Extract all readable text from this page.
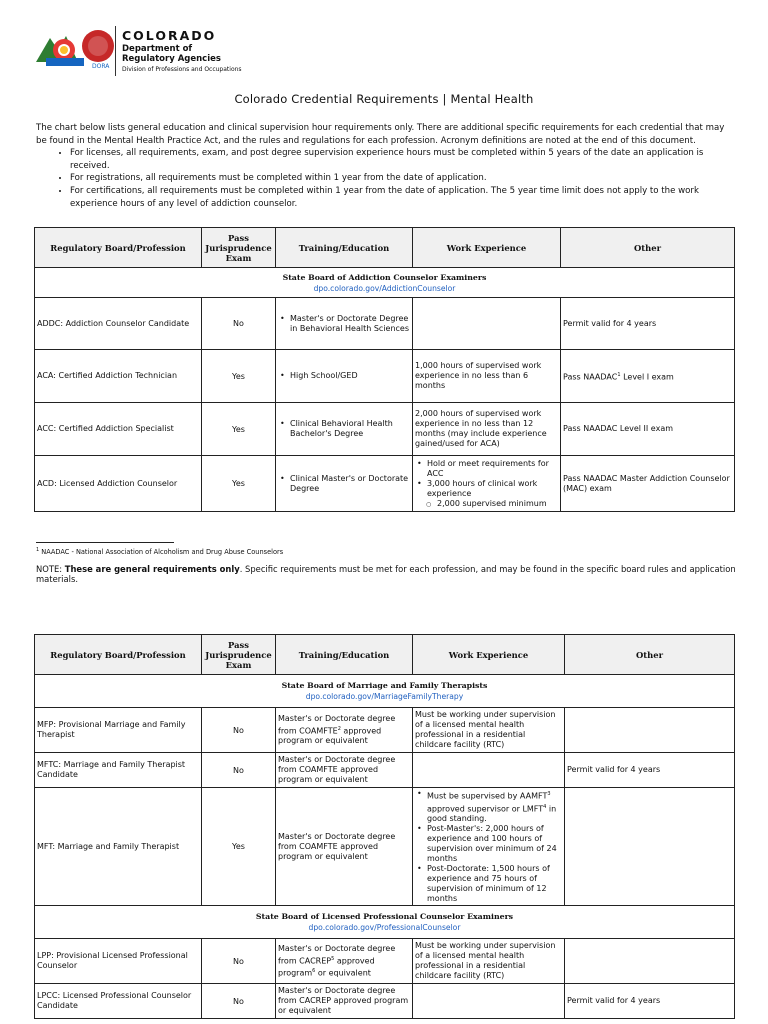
DORA
COLORADO
Department of
Regulatory Agencies
Division of Professions and Occupations
Colorado Credential Requirements | Mental Health
The chart below lists general education and clinical supervision hour requirements only. There are additional specific requirements for each credential that may be found in the Mental Health Practice Act, and the rules and regulations for each profession. Acronym definitions are noted at the end of this document.
• For licenses, all requirements, exam, and post degree supervision experience hours must be completed within 5 years of the date an application is received.
• For registrations, all requirements must be completed within 1 year from the date of application.
• For certifications, all requirements must be completed within 1 year from the date of application. The 5 year time limit does not apply to the work experience hours of any level of addiction counselor.
Regulatory Board/Profession	Pass Jurisprudence Exam	Training/Education	Work Experience	Other

State Board of Addiction Counselor Examiners
dpo.colorado.gov/AddictionCounselor				

ADDC: Addiction Counselor Candidate	No	• Master's or Doctorate Degree in Behavioral Health Sciences		Permit valid for 4 years
ACA: Certified Addiction Technician	Yes	• High School/GED	1,000 hours of supervised work experience in no less than 6 months	Pass NAADAC$^1$ Level I exam
ACC: Certified Addiction Specialist	Yes	• Clinical Behavioral Health Bachelor's Degree	2,000 hours of supervised work experience in no less than 12 months (may include experience gained/used for ACA)	Pass NAADAC Level II exam
ACD: Licensed Addiction Counselor	Yes	• Clinical Master's or Doctorate Degree	• Hold or meet requirements for ACC
• 3,000 hours of clinical work experience
○ 2,000 supervised minimum	Pass NAADAC Master Addiction Counselor (MAC) exam
$^1$ NAADAC - National Association of Alcoholism and Drug Abuse Counselors
NOTE: These are general requirements only. Specific requirements must be met for each profession, and may be found in the specific board rules and application materials.
Regulatory Board/Profession	Pass Jurisprudence Exam	Training/Education	Work Experience	Other

State Board of Marriage and Family Therapists
dpo.colorado.gov/MarriageFamilyTherapy				

MFP: Provisional Marriage and Family Therapist	No	Master's or Doctorate degree from COAMFTE$^2$ approved program or equivalent	Must be working under supervision of a licensed mental health professional in a residential childcare facility (RTC)	
MFTC: Marriage and Family Therapist Candidate	No	Master's or Doctorate degree from COAMFTE approved program or equivalent		Permit valid for 4 years
MFT: Marriage and Family Therapist	Yes	Master's or Doctorate degree from COAMFTE approved program or equivalent	• Must be supervised by AAMFT$^3$ approved supervisor or LMFT$^4$ in good standing.
• Post-Master's: 2,000 hours of experience and 100 hours of supervision over minimum of 24 months
• Post-Doctorate: 1,500 hours of experience and 75 hours of supervision of minimum of 12 months

State Board of Licensed Professional Counselor Examiners
dpo.colorado.gov/ProfessionalCounselor				

LPP: Provisional Licensed Professional Counselor	No	Master's or Doctorate degree from CACREP$^5$ approved program$^6$ or equivalent	Must be working under supervision of a licensed mental health professional in a residential childcare facility (RTC)	
LPCC: Licensed Professional Counselor Candidate	No	Master's or Doctorate degree from CACREP approved program or equivalent		Permit valid for 4 years
